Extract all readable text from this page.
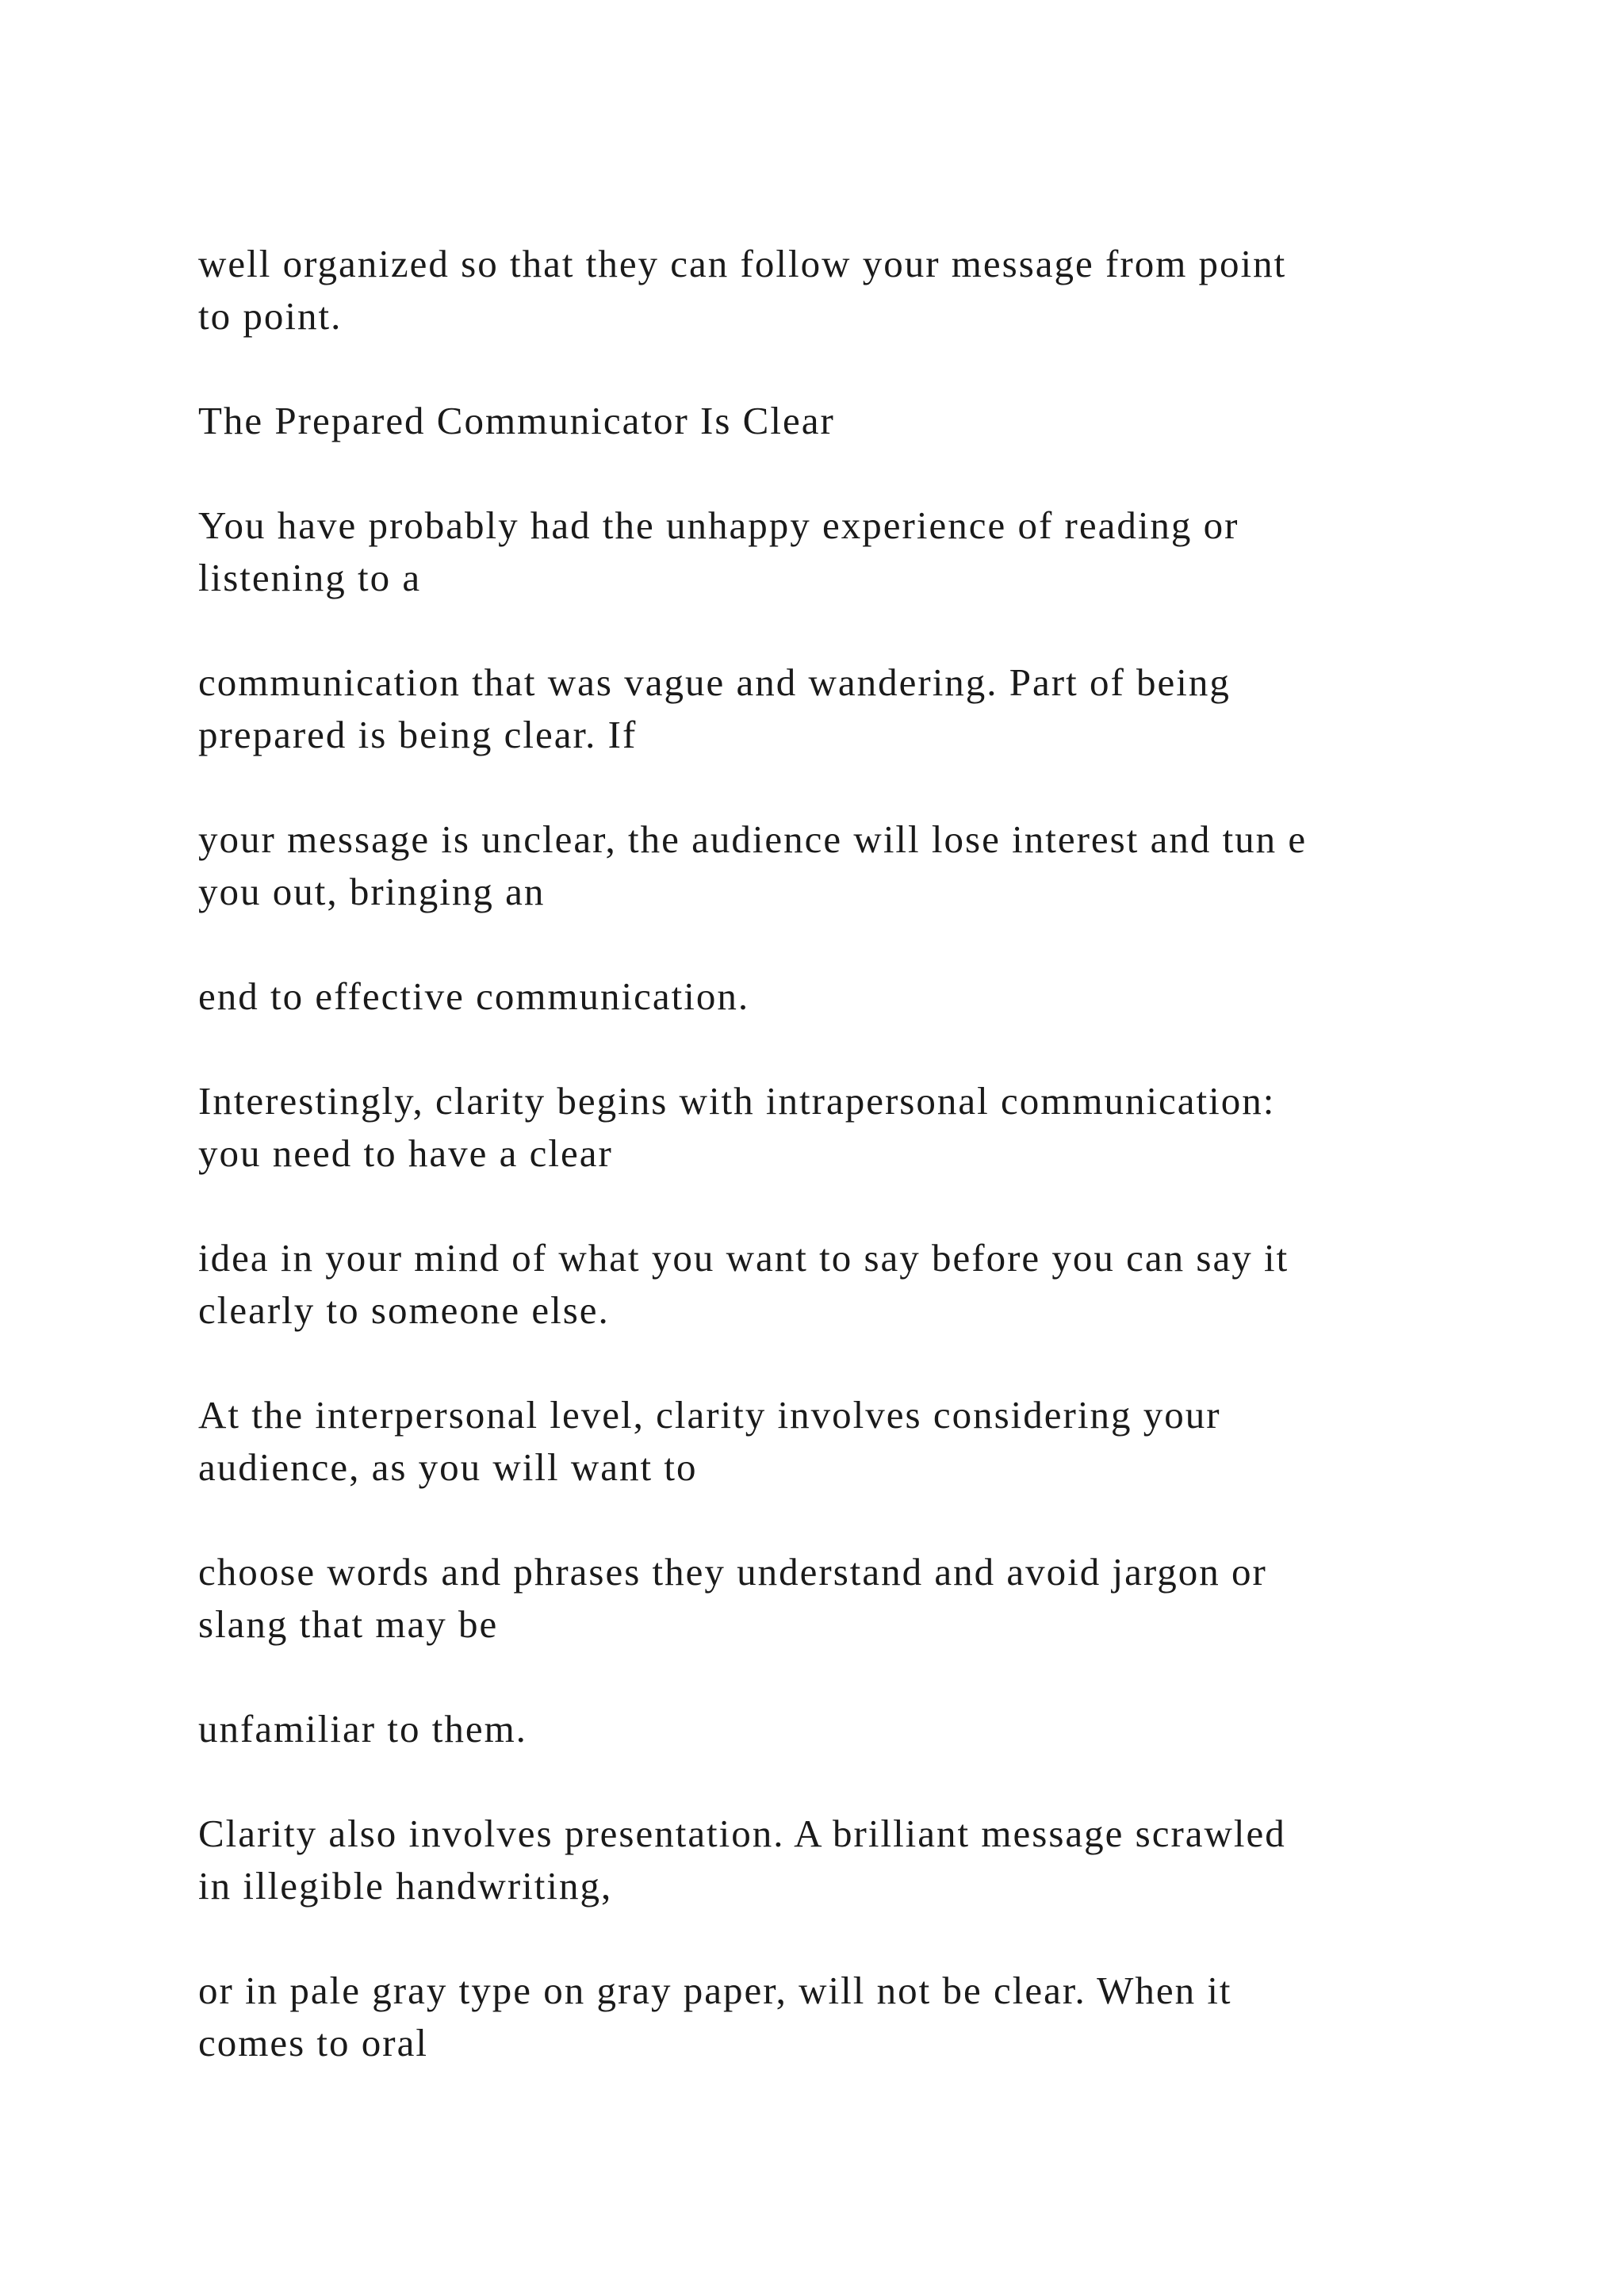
well organized so that they can follow your message from point
to point.

The Prepared Communicator Is Clear

You have probably had the unhappy experience of reading or
listening to a

communication that was vague and wandering. Part of being
prepared is being clear. If

your message is unclear, the audience will lose interest and tun e
you out, bringing an

end to effective communication.

Interestingly, clarity begins with intrapersonal communication:
you need to have a clear

idea in your mind of what you want to say before you can say it
clearly to someone else.

At the interpersonal level, clarity involves considering your
audience, as you will want to

choose words and phrases they understand and avoid jargon or
slang that may be

unfamiliar to them.

Clarity also involves presentation. A brilliant message scrawled
in illegible handwriting,

or in pale gray type on gray paper, will not be clear. When it
comes to oral
